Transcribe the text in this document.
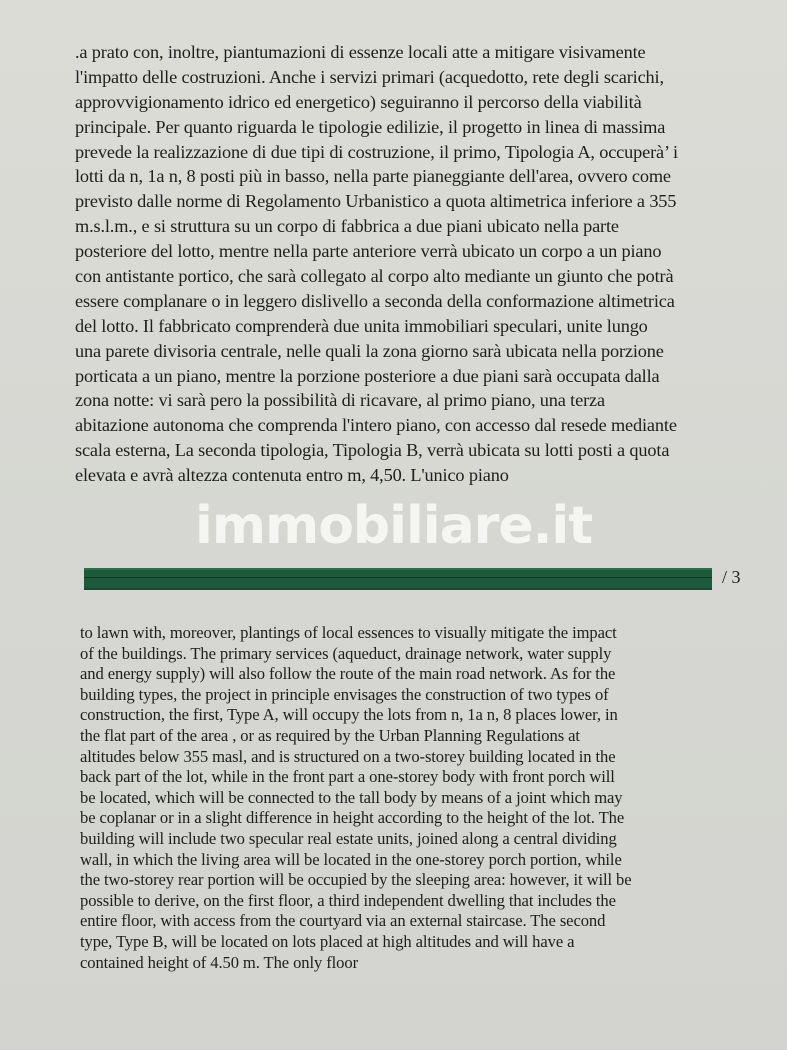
.a prato con, inoltre, piantumazioni di essenze locali atte a mitigare visivamente
l'impatto delle costruzioni. Anche i servizi primari (acquedotto, rete degli scarichi,
approvvigionamento idrico ed energetico) seguiranno il percorso della viabilità
principale. Per quanto riguarda le tipologie edilizie, il progetto in linea di massima
prevede la realizzazione di due tipi di costruzione, il primo, Tipologia A, occuperà’ i
lotti da n, 1a n, 8 posti più in basso, nella parte pianeggiante dell'area, ovvero come
previsto dalle norme di Regolamento Urbanistico a quota altimetrica inferiore a 355
m.s.l.m., e si struttura su un corpo di fabbrica a due piani ubicato nella parte
posteriore del lotto, mentre nella parte anteriore verrà ubicato un corpo a un piano
con antistante portico, che sarà collegato al corpo alto mediante un giunto che potrà
essere complanare o in leggero dislivello a seconda della conformazione altimetrica
del lotto. Il fabbricato comprenderà due unita immobiliari speculari, unite lungo
una parete divisoria centrale, nelle quali la zona giorno sarà ubicata nella porzione
porticata a un piano, mentre la porzione posteriore a due piani sarà occupata dalla
zona notte: vi sarà pero la possibilità di ricavare, al primo piano, una terza
abitazione autonoma che comprenda l'intero piano, con accesso dal resede mediante
scala esterna, La seconda tipologia, Tipologia B, verrà ubicata su lotti posti a quota
elevata e avrà altezza contenuta entro m, 4,50. L'unico piano
immobiliare.it
/ 3
to lawn with, moreover, plantings of local essences to visually mitigate the impact
of the buildings. The primary services (aqueduct, drainage network, water supply
and energy supply) will also follow the route of the main road network. As for the
building types, the project in principle envisages the construction of two types of
construction, the first, Type A, will occupy the lots from n, 1a n, 8 places lower, in
the flat part of the area , or as required by the Urban Planning Regulations at
altitudes below 355 masl, and is structured on a two-storey building located in the
back part of the lot, while in the front part a one-storey body with front porch will
be located, which will be connected to the tall body by means of a joint which may
be coplanar or in a slight difference in height according to the height of the lot. The
building will include two specular real estate units, joined along a central dividing
wall, in which the living area will be located in the one-storey porch portion, while
the two-storey rear portion will be occupied by the sleeping area: however, it will be
possible to derive, on the first floor, a third independent dwelling that includes the
entire floor, with access from the courtyard via an external staircase. The second
type, Type B, will be located on lots placed at high altitudes and will have a
contained height of 4.50 m. The only floor
